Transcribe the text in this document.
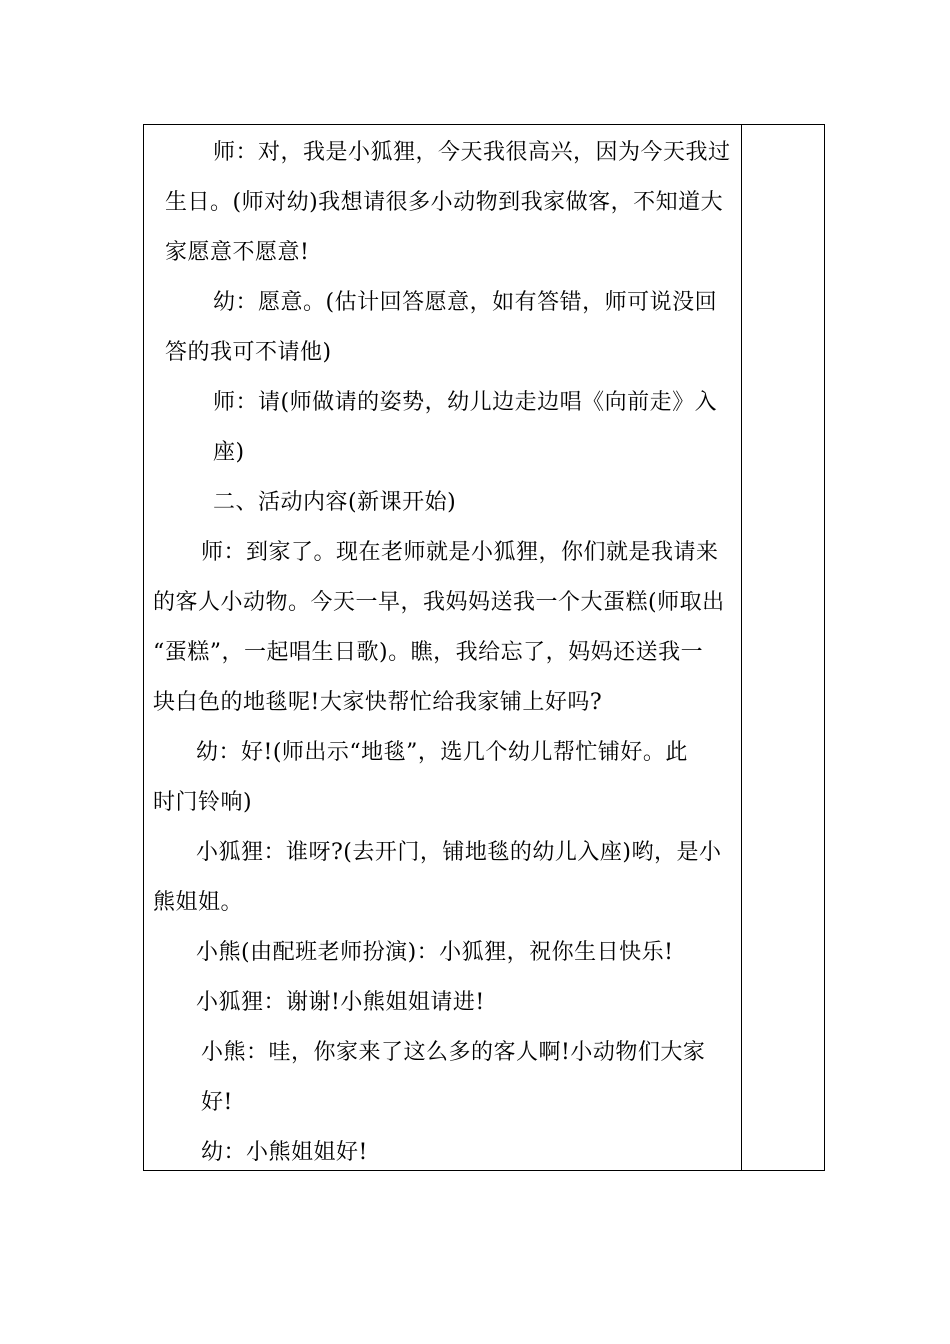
师：对，我是小狐狸，今天我很高兴，因为今天我过
生日。(师对幼)我想请很多小动物到我家做客，不知道大
家愿意不愿意!
幼：愿意。(估计回答愿意，如有答错，师可说没回
答的我可不请他)
师：请(师做请的姿势，幼儿边走边唱《向前走》入
座)
二、活动内容(新课开始)
师：到家了。现在老师就是小狐狸，你们就是我请来
的客人小动物。今天一早，我妈妈送我一个大蛋糕(师取出
“蛋糕”，一起唱生日歌)。瞧，我给忘了，妈妈还送我一
块白色的地毯呢!大家快帮忙给我家铺上好吗?
幼：好!(师出示“地毯”，选几个幼儿帮忙铺好。此
时门铃响)
小狐狸：谁呀?(去开门，铺地毯的幼儿入座)哟，是小
熊姐姐。
小熊(由配班老师扮演)：小狐狸，祝你生日快乐!
小狐狸：谢谢!小熊姐姐请进!
小熊：哇，你家来了这么多的客人啊!小动物们大家
好!
幼：小熊姐姐好!
